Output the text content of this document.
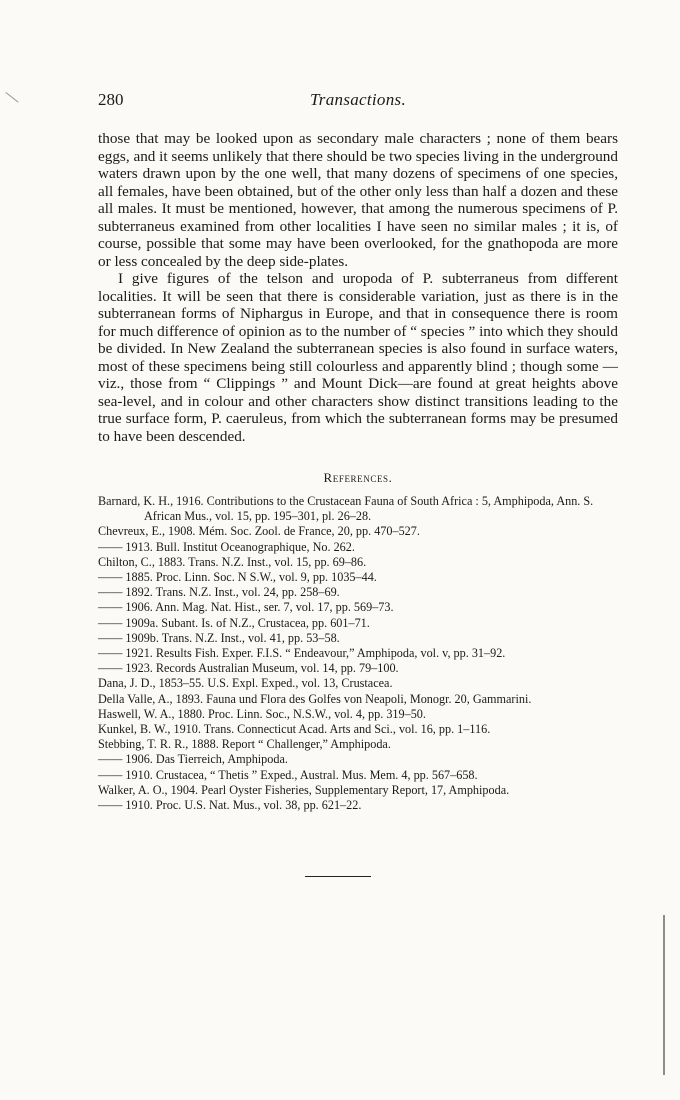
280	Transactions.

those that may be looked upon as secondary male characters ; none of them bears eggs, and it seems unlikely that there should be two species living in the underground waters drawn upon by the one well, that many dozens of specimens of one species, all females, have been obtained, but of the other only less than half a dozen and these all males. It must be mentioned, however, that among the numerous specimens of P. subterraneus examined from other localities I have seen no similar males ; it is, of course, possible that some may have been overlooked, for the gnathopoda are more or less concealed by the deep side-plates.

I give figures of the telson and uropoda of P. subterraneus from different localities. It will be seen that there is considerable variation, just as there is in the subterranean forms of Niphargus in Europe, and that in consequence there is room for much difference of opinion as to the number of “ species ” into which they should be divided. In New Zealand the subterranean species is also found in surface waters, most of these specimens being still colourless and apparently blind ; though some —viz., those from “ Clippings ” and Mount Dick—are found at great heights above sea-level, and in colour and other characters show distinct transitions leading to the true surface form, P. caeruleus, from which the subterranean forms may be presumed to have been descended.

References.
Barnard, K. H., 1916. Contributions to the Crustacean Fauna of South Africa : 5, Amphipoda, Ann. S. African Mus., vol. 15, pp. 195–301, pl. 26–28.
Chevreux, E., 1908. Mém. Soc. Zool. de France, 20, pp. 470–527.
—— 1913. Bull. Institut Oceanographique, No. 262.
Chilton, C., 1883. Trans. N.Z. Inst., vol. 15, pp. 69–86.
—— 1885. Proc. Linn. Soc. N S.W., vol. 9, pp. 1035–44.
—— 1892. Trans. N.Z. Inst., vol. 24, pp. 258–69.
—— 1906. Ann. Mag. Nat. Hist., ser. 7, vol. 17, pp. 569–73.
—— 1909a. Subant. Is. of N.Z., Crustacea, pp. 601–71.
—— 1909b. Trans. N.Z. Inst., vol. 41, pp. 53–58.
—— 1921. Results Fish. Exper. F.I.S. “ Endeavour,” Amphipoda, vol. v, pp. 31–92.
—— 1923. Records Australian Museum, vol. 14, pp. 79–100.
Dana, J. D., 1853–55. U.S. Expl. Exped., vol. 13, Crustacea.
Della Valle, A., 1893. Fauna und Flora des Golfes von Neapoli, Monogr. 20, Gammarini.
Haswell, W. A., 1880. Proc. Linn. Soc., N.S.W., vol. 4, pp. 319–50.
Kunkel, B. W., 1910. Trans. Connecticut Acad. Arts and Sci., vol. 16, pp. 1–116.
Stebbing, T. R. R., 1888. Report “ Challenger,” Amphipoda.
—— 1906. Das Tierreich, Amphipoda.
—— 1910. Crustacea, “ Thetis ” Exped., Austral. Mus. Mem. 4, pp. 567–658.
Walker, A. O., 1904. Pearl Oyster Fisheries, Supplementary Report, 17, Amphipoda.
—— 1910. Proc. U.S. Nat. Mus., vol. 38, pp. 621–22.
